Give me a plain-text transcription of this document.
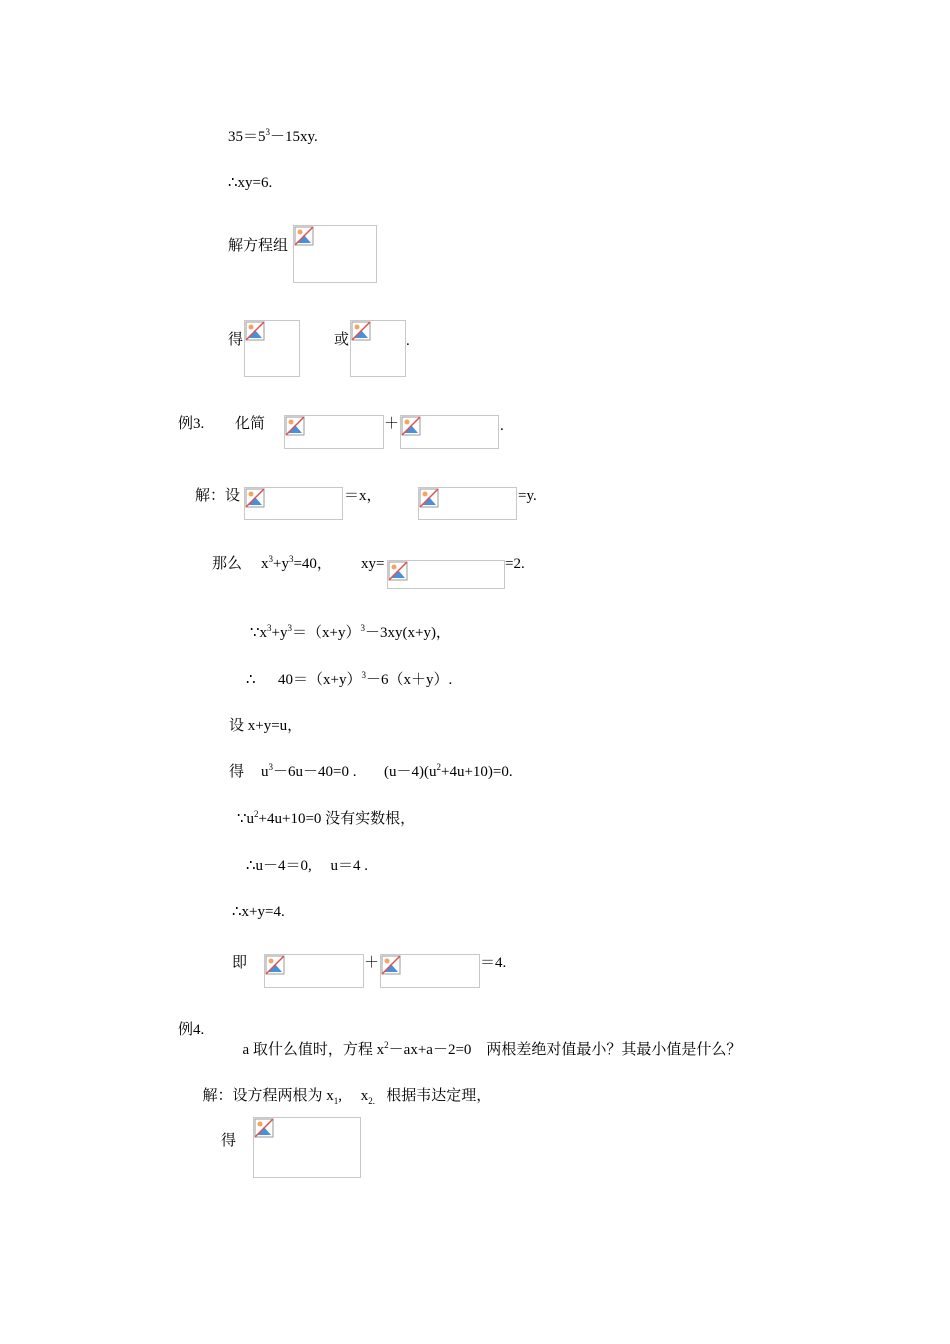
$35=5^3-15xy$.
∴xy=6.
解方程组
得	或	.
例3. 化简	＋	.
解：设	＝x，	=y.
那么 $x^3+y^3=40$， xy=	=2.
$\because x^3+y^3=(x+y)^3-3xy(x+y)$，
∴ $40=(x+y)^3-6(x+y)$.
设 x+y=u，
得 $u^3-6u-40=0$ . $(u-4)(u^2+4u+10)=0$.
$\because u^2+4u+10=0$ 没有实数根，
∴u－4＝0,     u＝4 .
∴x+y=4.
即	＋	＝4.
例4.

a 取什么值时，方程 $x^2-ax+a-2=0$    两根差绝对值最小？其最小值是什么？

解：设方程两根为 $x_1$,     $x_{2.}$   根据韦达定理，

得
